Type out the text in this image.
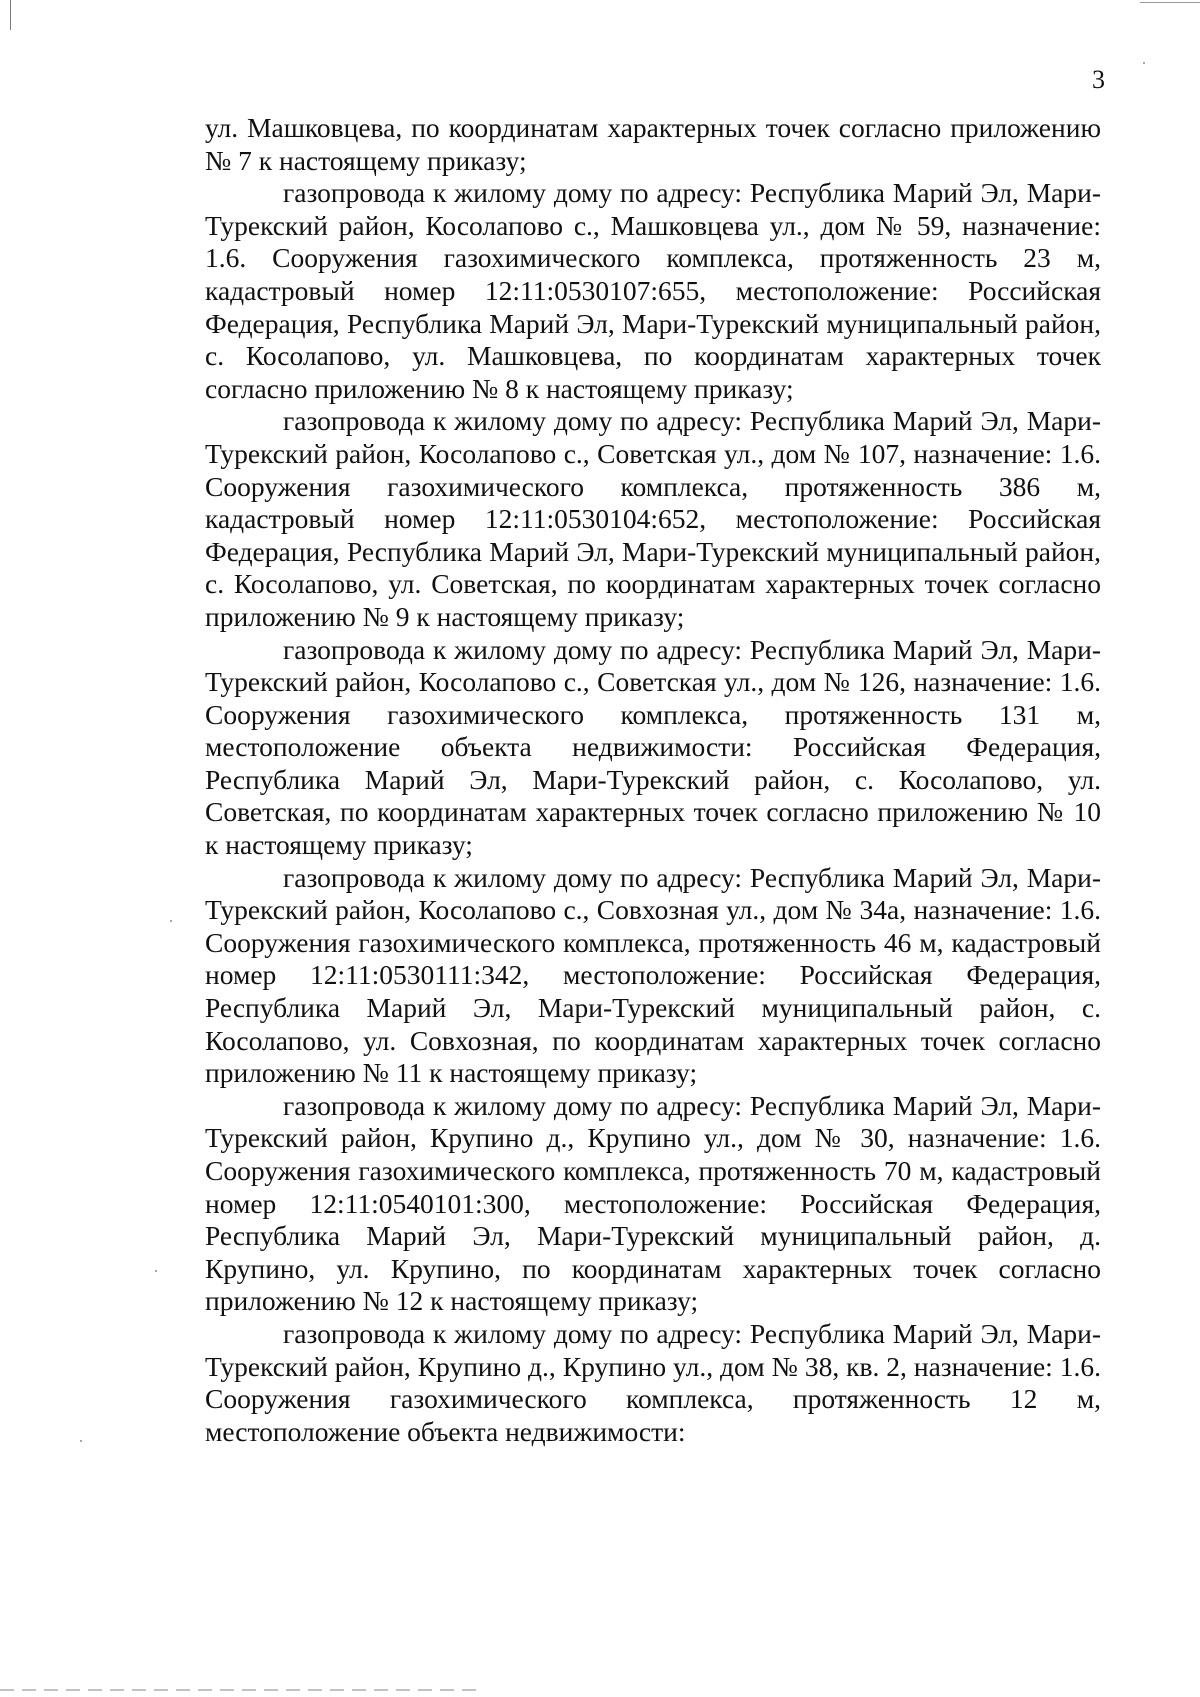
3

ул. Машковцева, по координатам характерных точек согласно приложению № 7 к настоящему приказу;

газопровода к жилому дому по адресу: Республика Марий Эл, Мари-Турекский район, Косолапово с., Машковцева ул., дом № 59, назначение: 1.6. Сооружения газохимического комплекса, протяженность 23 м, кадастровый номер 12:11:0530107:655, местоположение: Российская Федерация, Республика Марий Эл, Мари-Турекский муниципальный район, с. Косолапово, ул. Машковцева, по координатам характерных точек согласно приложению № 8 к настоящему приказу;

газопровода к жилому дому по адресу: Республика Марий Эл, Мари-Турекский район, Косолапово с., Советская ул., дом № 107, назначение: 1.6. Сооружения газохимического комплекса, протяженность 386 м, кадастровый номер 12:11:0530104:652, местоположение: Российская Федерация, Республика Марий Эл, Мари-Турекский муниципальный район, с. Косолапово, ул. Советская, по координатам характерных точек согласно приложению № 9 к настоящему приказу;

газопровода к жилому дому по адресу: Республика Марий Эл, Мари-Турекский район, Косолапово с., Советская ул., дом № 126, назначение: 1.6. Сооружения газохимического комплекса, протяженность 131 м, местоположение объекта недвижимости: Российская Федерация, Республика Марий Эл, Мари-Турекский район, с. Косолапово, ул. Советская, по координатам характерных точек согласно приложению № 10 к настоящему приказу;

газопровода к жилому дому по адресу: Республика Марий Эл, Мари-Турекский район, Косолапово с., Совхозная ул., дом № 34а, назначение: 1.6. Сооружения газохимического комплекса, протяженность 46 м, кадастровый номер 12:11:0530111:342, местоположение: Российская Федерация, Республика Марий Эл, Мари-Турекский муниципальный район, с. Косолапово, ул. Совхозная, по координатам характерных точек согласно приложению № 11 к настоящему приказу;

газопровода к жилому дому по адресу: Республика Марий Эл, Мари-Турекский район, Крупино д., Крупино ул., дом № 30, назначение: 1.6. Сооружения газохимического комплекса, протяженность 70 м, кадастровый номер 12:11:0540101:300, местоположение: Российская Федерация, Республика Марий Эл, Мари-Турекский муниципальный район, д. Крупино, ул. Крупино, по координатам характерных точек согласно приложению № 12 к настоящему приказу;

газопровода к жилому дому по адресу: Республика Марий Эл, Мари-Турекский район, Крупино д., Крупино ул., дом № 38, кв. 2, назначение: 1.6. Сооружения газохимического комплекса, протяженность 12 м, местоположение объекта недвижимости:
